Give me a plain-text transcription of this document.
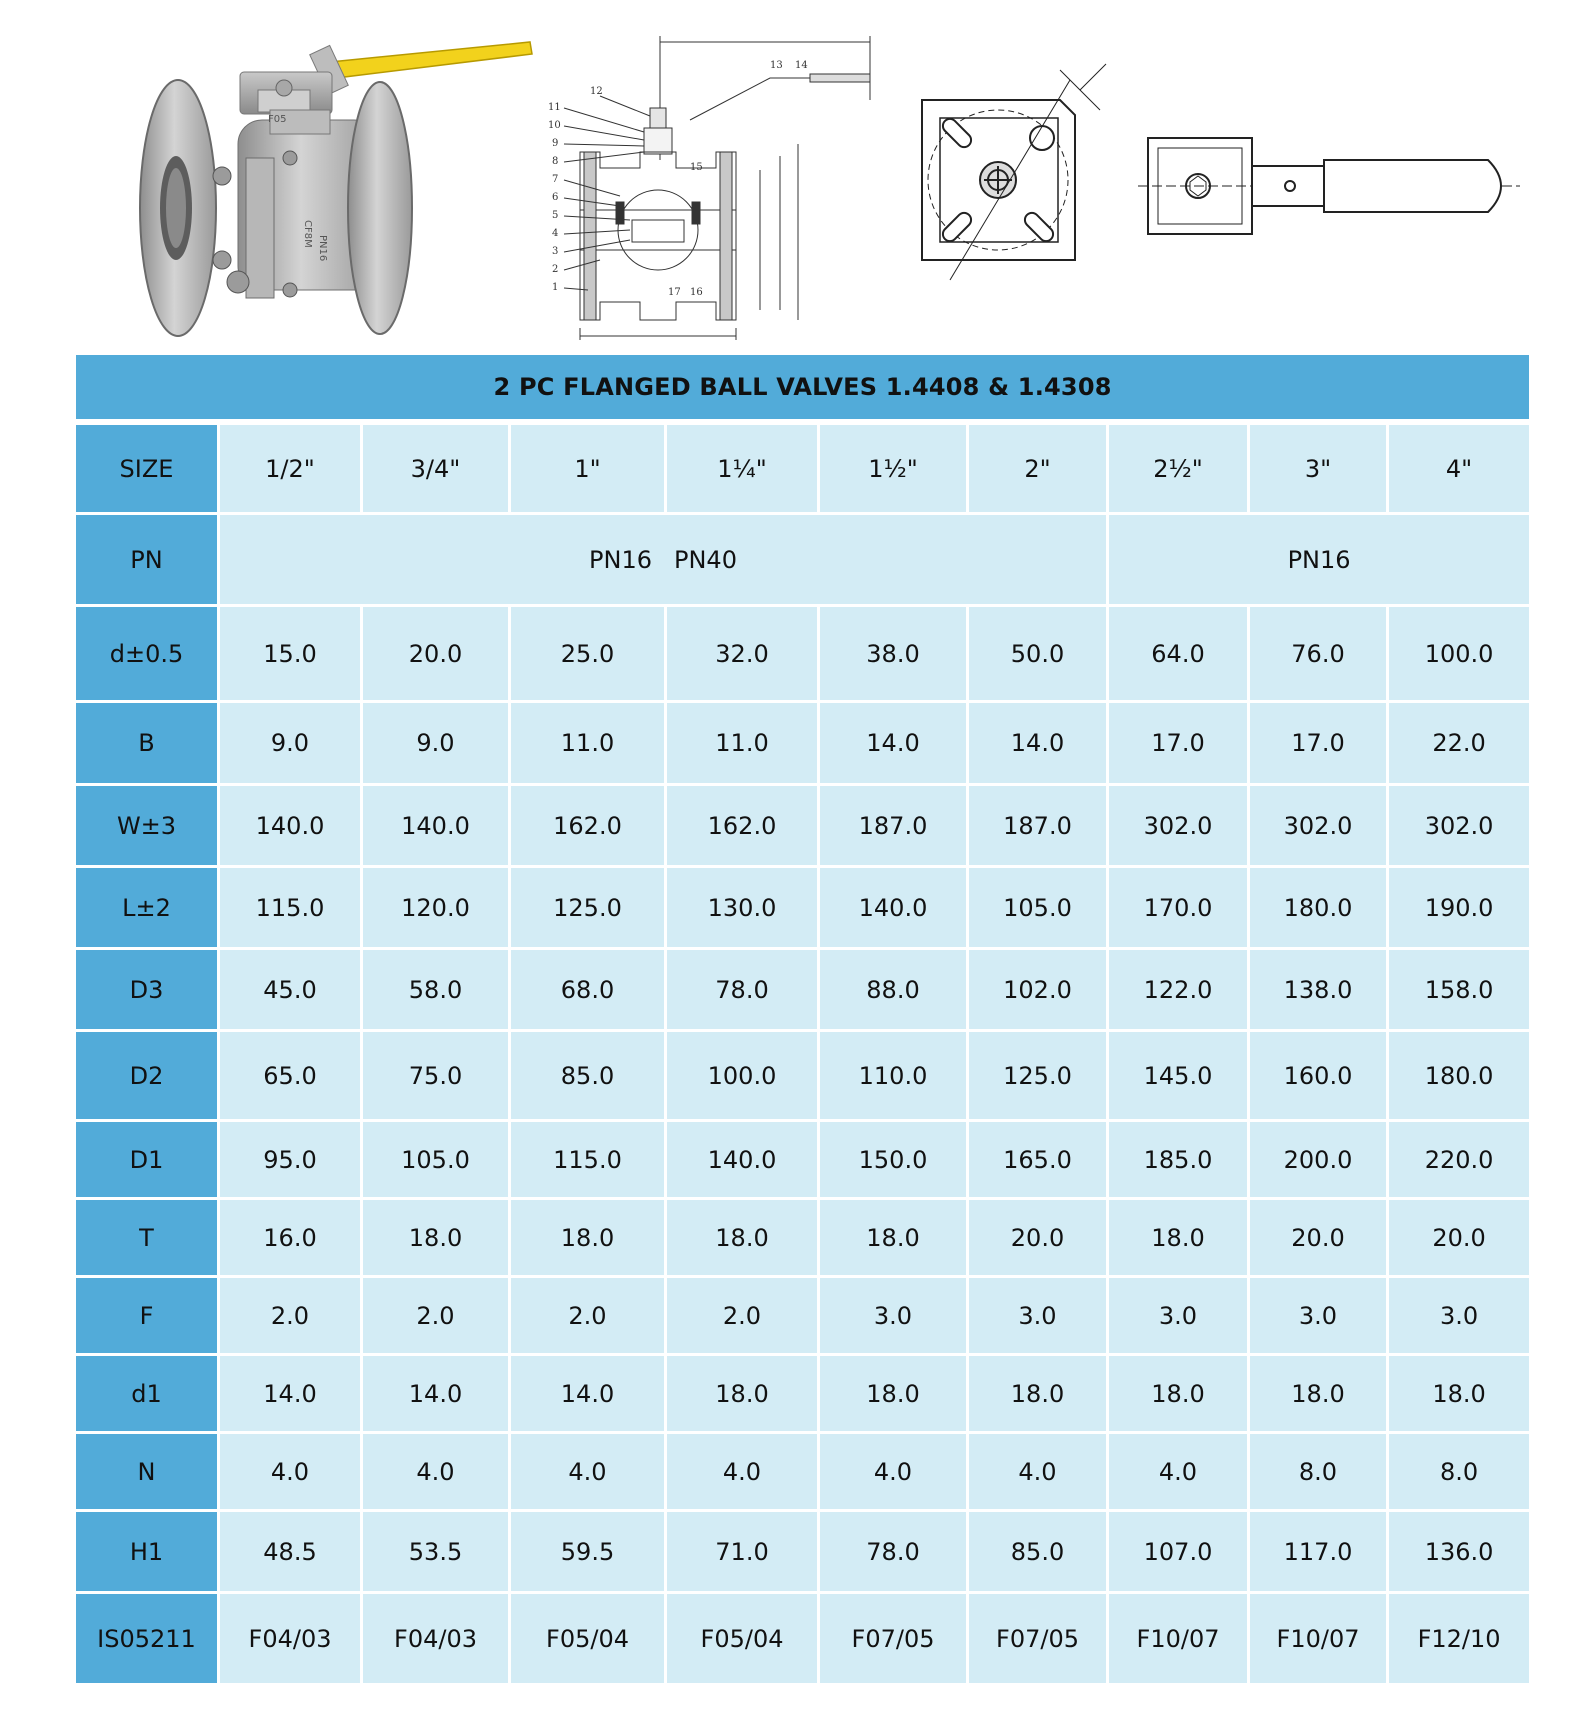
F05
CF8M
PN16
1
2
3
4
5
6
7
8
9
10
11
12
13 14
15
16
17
2 PC FLANGED BALL VALVES 1.4408 & 1.4308									
SIZE	1/2"	3/4"	1"	1¼"	1½"	2"	2½"	3"	4"
PN	PN16 PN40						PN16		
d±0.5	15.0	20.0	25.0	32.0	38.0	50.0	64.0	76.0	100.0
B	9.0	9.0	11.0	11.0	14.0	14.0	17.0	17.0	22.0
W±3	140.0	140.0	162.0	162.0	187.0	187.0	302.0	302.0	302.0
L±2	115.0	120.0	125.0	130.0	140.0	105.0	170.0	180.0	190.0
D3	45.0	58.0	68.0	78.0	88.0	102.0	122.0	138.0	158.0
D2	65.0	75.0	85.0	100.0	110.0	125.0	145.0	160.0	180.0
D1	95.0	105.0	115.0	140.0	150.0	165.0	185.0	200.0	220.0
T	16.0	18.0	18.0	18.0	18.0	20.0	18.0	20.0	20.0
F	2.0	2.0	2.0	2.0	3.0	3.0	3.0	3.0	3.0
d1	14.0	14.0	14.0	18.0	18.0	18.0	18.0	18.0	18.0
N	4.0	4.0	4.0	4.0	4.0	4.0	4.0	8.0	8.0
H1	48.5	53.5	59.5	71.0	78.0	85.0	107.0	117.0	136.0
IS05211	F04/03	F04/03	F05/04	F05/04	F07/05	F07/05	F10/07	F10/07	F12/10
